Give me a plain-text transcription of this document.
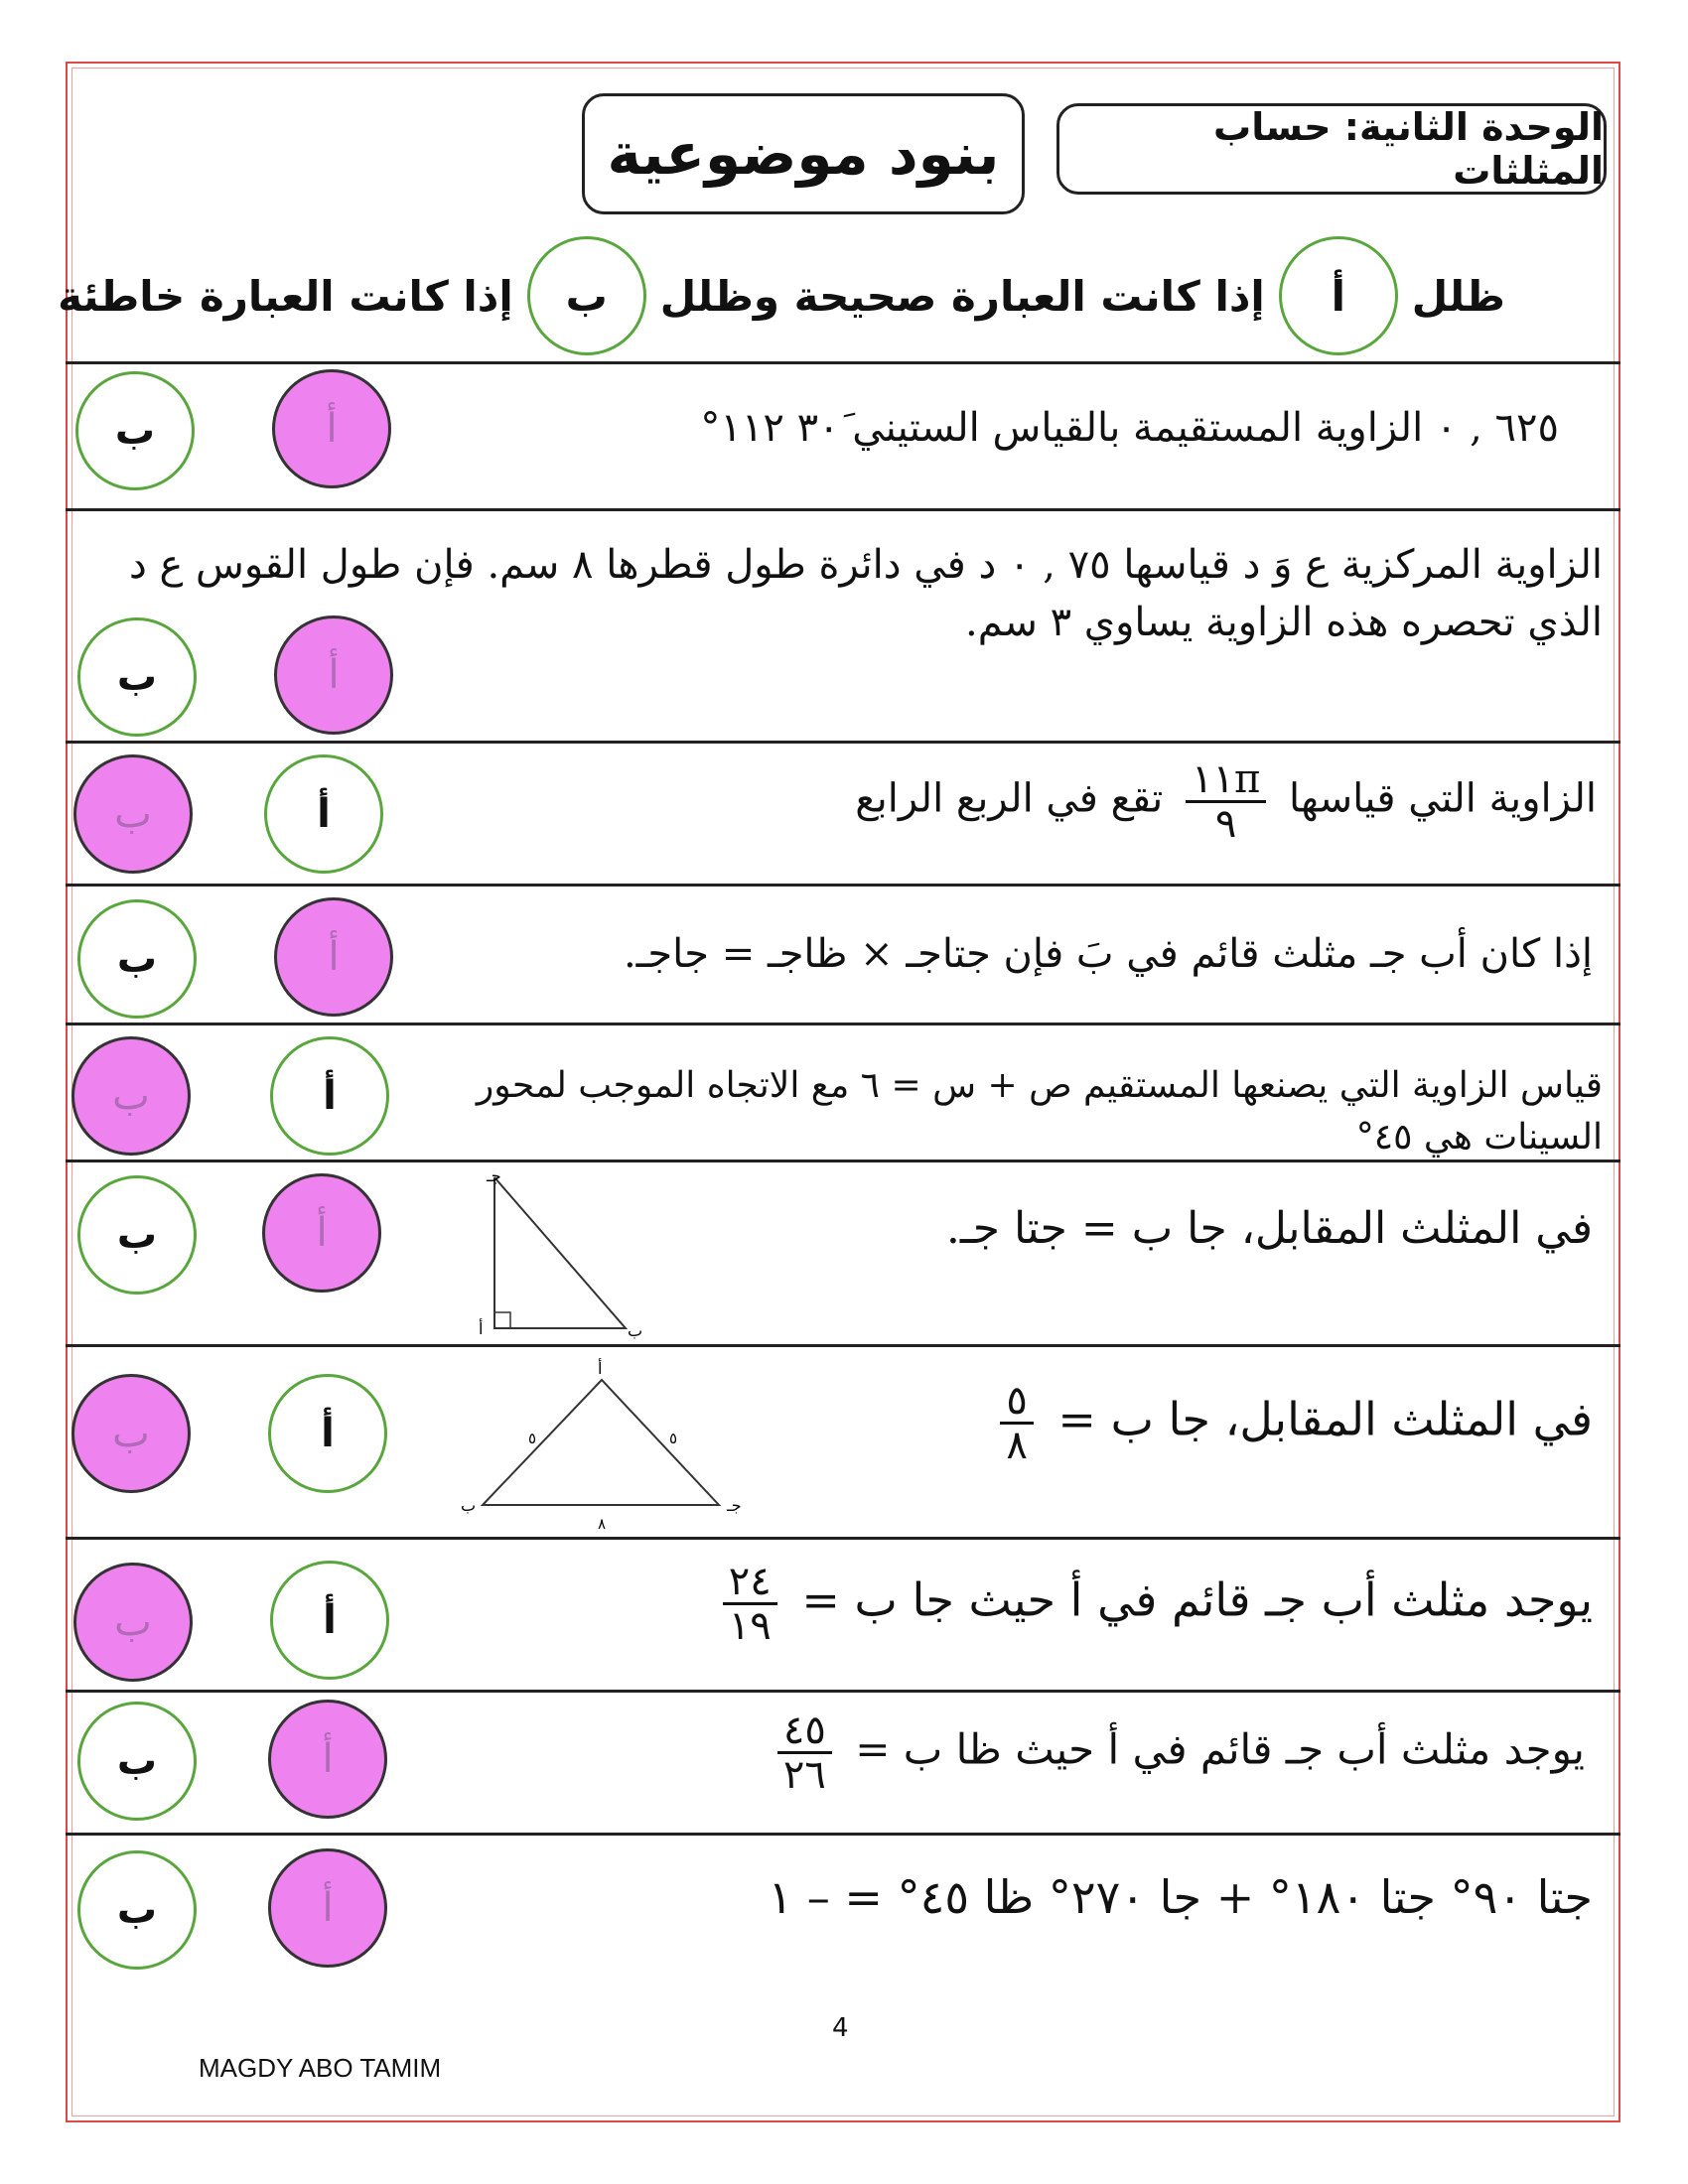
الوحدة الثانية: حساب المثلثات
بنود موضوعية
ظلل
أ
إذا كانت العبارة صحيحة وظلل
ب
إذا كانت العبارة خاطئة
٦٢٥ , ٠ الزاوية المستقيمة بالقياس الستيني ٣٠َ ١١٢°
أ
ب
الزاوية المركزية ع وَ د قياسها ٧٥ , ٠ د في دائرة طول قطرها ٨ سم. فإن طول القوس ع د الذي تحصره هذه الزاوية يساوي ٣ سم.
أ
ب
الزاوية التي قياسها
$\frac{١١\pi}{٩}$
تقع في الربع الرابع
أ
ب
إذا كان أب جـ مثلث قائم في بَ فإن جتاجـ × ظاجـ = جاجـ.
أ
ب
قياس الزاوية التي يصنعها المستقيم ص + س = ٦ مع الاتجاه الموجب لمحور السينات هي ٤٥°
أ
ب
في المثلث المقابل، جا ب = جتا جـ.
جـ
أ	ب
أ
ب
في المثلث المقابل، جا ب =
$\frac{٥}{٨}$
أ
ب	جـ
٥	٥
٨
أ
ب
يوجد مثلث أب جـ قائم في أ حيث جا ب =
$\frac{٢٤}{١٩}$
أ
ب
يوجد مثلث أب جـ قائم في أ حيث ظا ب =
$\frac{٤٥}{٢٦}$
أ
ب
جتا ٩٠° جتا ١٨٠° + جا ٢٧٠° ظا ٤٥° = – ١
أ
ب
4
MAGDY ABO TAMIM
